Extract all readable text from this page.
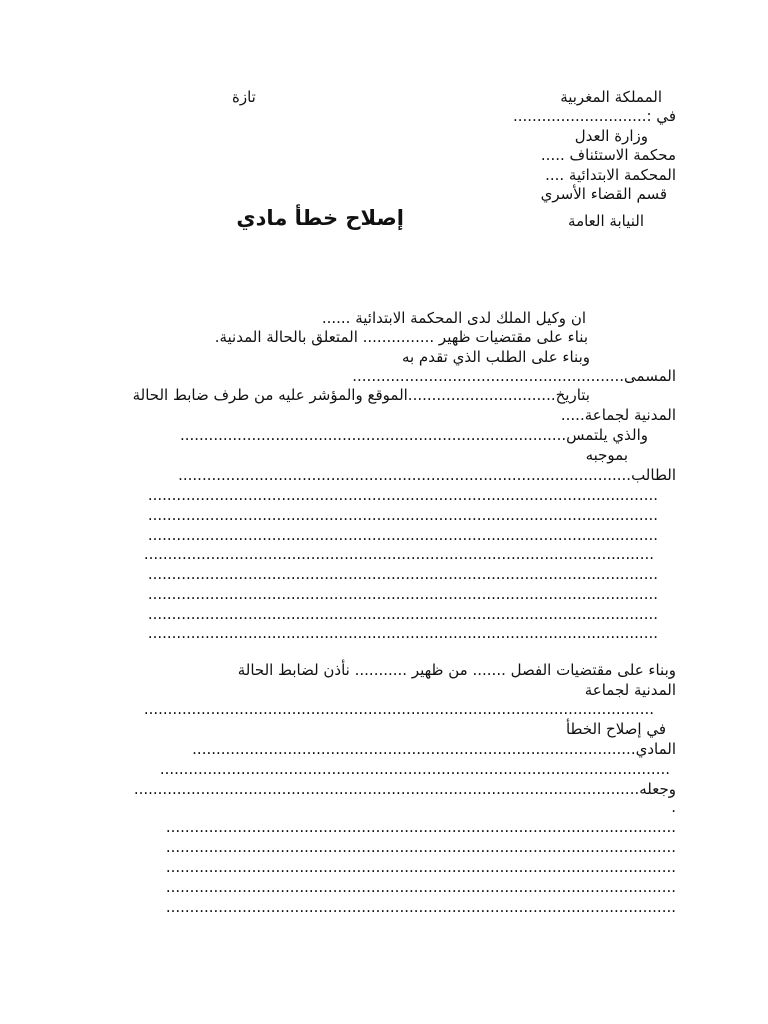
المملكة المغربية
تازة
في :............................
وزارة العدل
محكمة الاستئناف .....
المحكمة الابتدائية ....
قسم القضاء الأسري
النيابة العامة
إصلاح خطأ مادي
ان وكيل الملك لدى المحكمة الابتدائية ......
بناء على مقتضيات ظهير ............... المتعلق بالحالة المدنية.
وبناء على الطلب الذي تقدم به
المسمى.........................................................
بتاريخ...............................الموقع والمؤشر عليه من طرف ضابط الحالة
المدنية لجماعة.....
والذي يلتمس.................................................................................
بموجبه
الطالب...............................................................................................
...........................................................................................................
...........................................................................................................
...........................................................................................................
...........................................................................................................
...........................................................................................................
...........................................................................................................
...........................................................................................................
...........................................................................................................
وبناء على مقتضيات الفصل ....... من ظهير ........... نأذن لضابط الحالة
المدنية لجماعة
...........................................................................................................
في إصلاح الخطأ
المادي.............................................................................................
...........................................................................................................
وجعله..........................................................................................................
.
...........................................................................................................
...........................................................................................................
...........................................................................................................
...........................................................................................................
...........................................................................................................
